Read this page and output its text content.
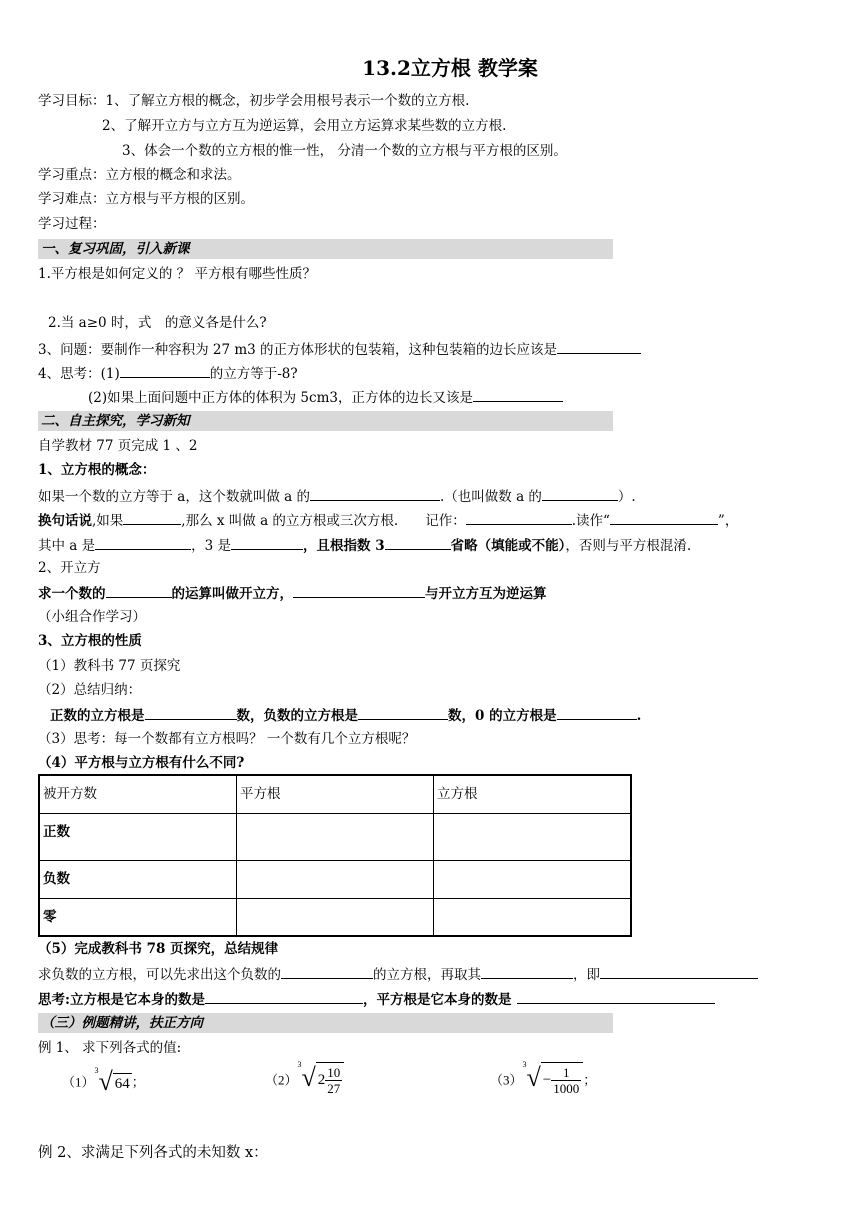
13.2立方根 教学案
学习目标：1、了解立方根的概念，初步学会用根号表示一个数的立方根.
2、了解开立方与立方互为逆运算，会用立方运算求某些数的立方根.
3、体会一个数的立方根的惟一性， 分清一个数的立方根与平方根的区别。
学习重点：立方根的概念和求法。
学习难点：立方根与平方根的区别。
学习过程：
一、复习巩固，引入新课
1.平方根是如何定义的 ？ 平方根有哪些性质？
2.当 a≥0 时，式　的意义各是什么?
3、问题：要制作一种容积为 27 m3 的正方体形状的包装箱，这种包装箱的边长应该是
4、思考：(1)	的立方等于-8?
(2)如果上面问题中正方体的体积为 5cm3，正方体的边长又该是
二、自主探究，学习新知
自学教材 77 页完成 1 、2
1、立方根的概念：
如果一个数的立方等于 a，这个数就叫做 a 的	.（也叫做数 a 的	）.
换句话说,如果	,那么 x 叫做 a 的立方根或三次方根.　　记作：	.读作“	”，
其中 a 是	，3 是	，且根指数 3	省略（填能或不能），否则与平方根混淆.
2、开立方
求一个数的	的运算叫做开立方，	与开立方互为逆运算
（小组合作学习）
3、立方根的性质
（1）教科书 77 页探究
（2）总结归纳：
正数的立方根是	数，负数的立方根是	数，0 的立方根是	.
（3）思考：每一个数都有立方根吗？ 一个数有几个立方根呢？
（4）平方根与立方根有什么不同?
被开方数	平方根	立方根
正数		
负数		
零		
（5）完成教科书 78 页探究，总结规律
求负数的立方根，可以先求出这个负数的	的立方根，再取其	，即
思考:立方根是它本身的数是	，平方根是它本身的数是
（三）例题精讲，扶正方向
例 1、 求下列各式的值:
$(1)^3√$ 64 ；	$(2)^3√$ $2 \frac{10}{27}$	$(3)^3√ - \frac{1}{1000}$ ；
例 2、求满足下列各式的未知数 x：
